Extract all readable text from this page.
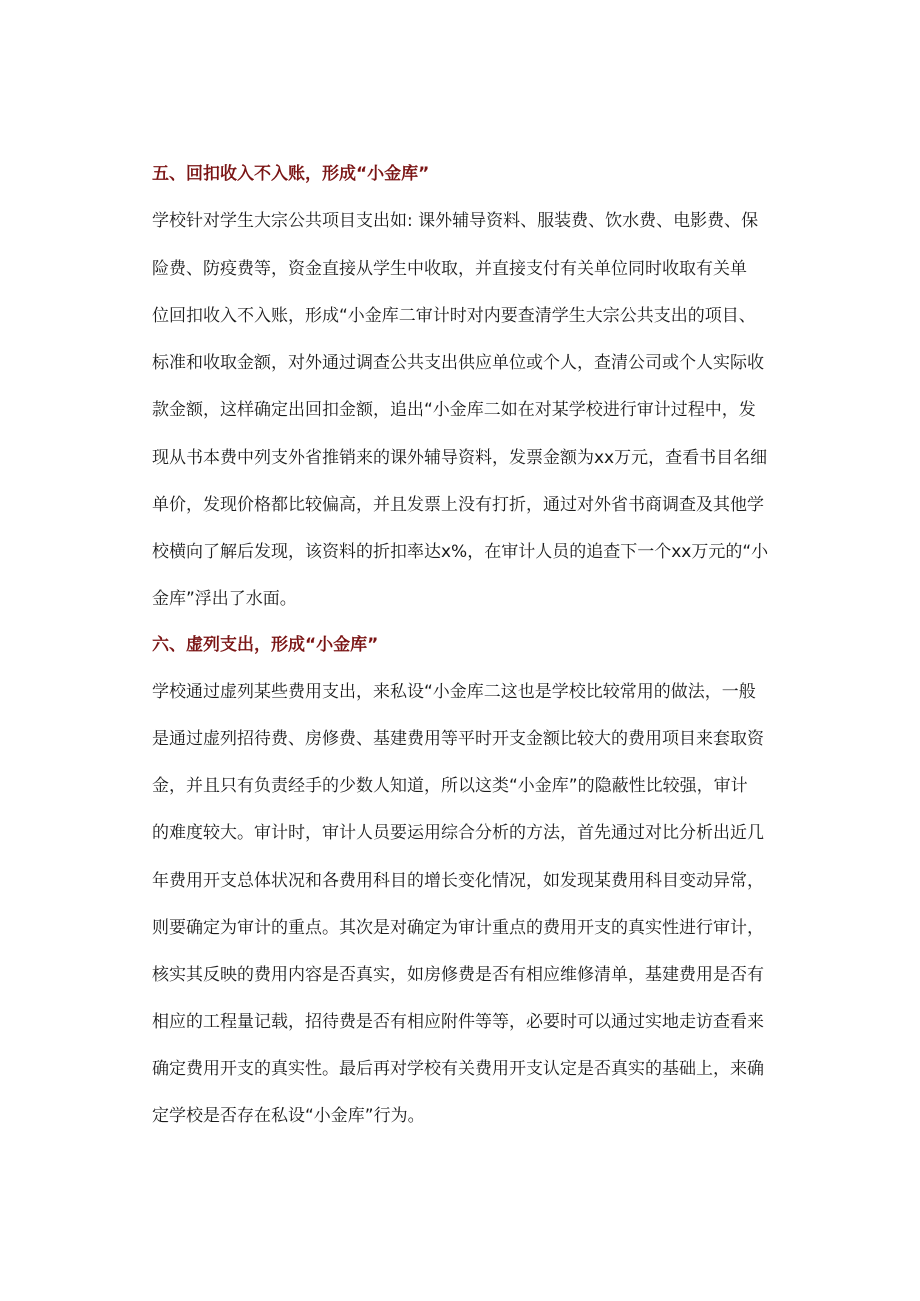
五、回扣收入不入账，形成“小金库”
学校针对学生大宗公共项目支出如: 课外辅导资料、服装费、饮水费、电影费、保
险费、防疫费等，资金直接从学生中收取，并直接支付有关单位同时收取有关单
位回扣收入不入账，形成“小金库二审计时对内要查清学生大宗公共支出的项目、
标准和收取金额，对外通过调查公共支出供应单位或个人，查清公司或个人实际收
款金额，这样确定出回扣金额，追出“小金库二如在对某学校进行审计过程中，发
现从书本费中列支外省推销来的课外辅导资料，发票金额为xx万元，查看书目名细
单价，发现价格都比较偏高，并且发票上没有打折，通过对外省书商调查及其他学
校横向了解后发现，该资料的折扣率达x%，在审计人员的追查下一个xx万元的“小
金库”浮出了水面。
六、虚列支出，形成“小金库”
学校通过虚列某些费用支出，来私设“小金库二这也是学校比较常用的做法，一般
是通过虚列招待费、房修费、基建费用等平时开支金额比较大的费用项目来套取资
金，并且只有负责经手的少数人知道，所以这类“小金库”的隐蔽性比较强，审计
的难度较大。审计时，审计人员要运用综合分析的方法，首先通过对比分析出近几
年费用开支总体状况和各费用科目的增长变化情况，如发现某费用科目变动异常，
则要确定为审计的重点。其次是对确定为审计重点的费用开支的真实性进行审计，
核实其反映的费用内容是否真实，如房修费是否有相应维修清单，基建费用是否有
相应的工程量记载，招待费是否有相应附件等等，必要时可以通过实地走访查看来
确定费用开支的真实性。最后再对学校有关费用开支认定是否真实的基础上，来确
定学校是否存在私设“小金库”行为。
